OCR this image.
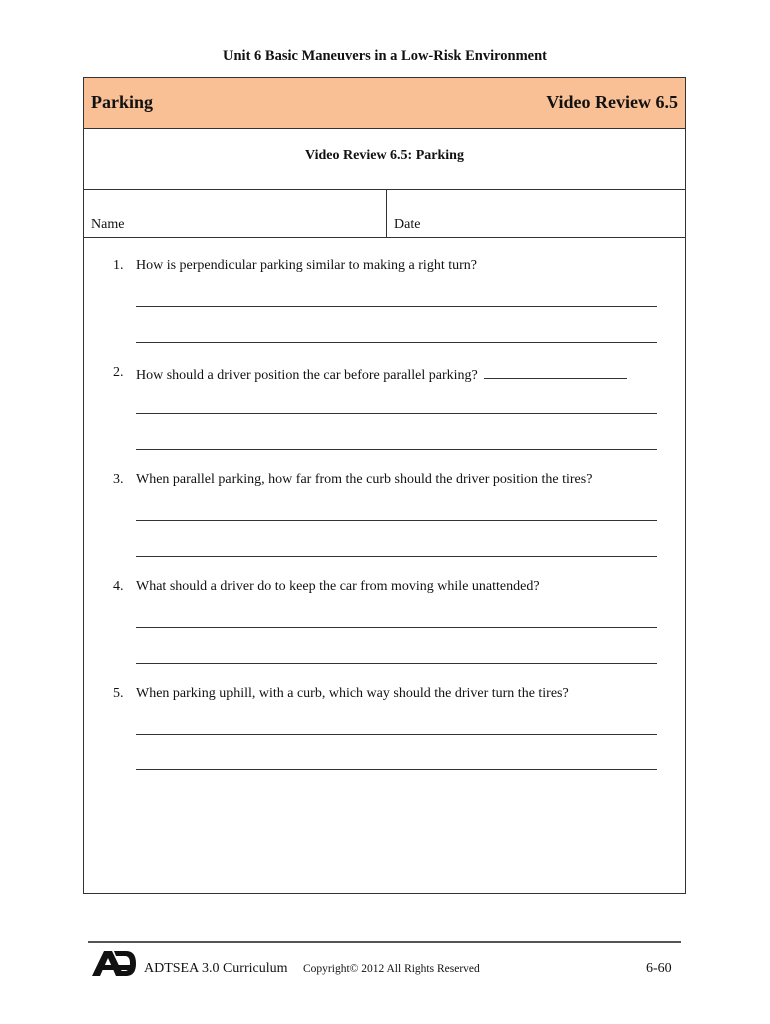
Unit 6 Basic Maneuvers in a Low-Risk Environment
Parking	Video Review 6.5
Video Review 6.5: Parking
Name	Date
1. How is perpendicular parking similar to making a right turn?
2. How should a driver position the car before parallel parking?
3. When parallel parking, how far from the curb should the driver position the tires?
4. What should a driver do to keep the car from moving while unattended?
5. When parking uphill, with a curb, which way should the driver turn the tires?
ADTSEA 3.0 Curriculum Copyright© 2012 All Rights Reserved	6-60
